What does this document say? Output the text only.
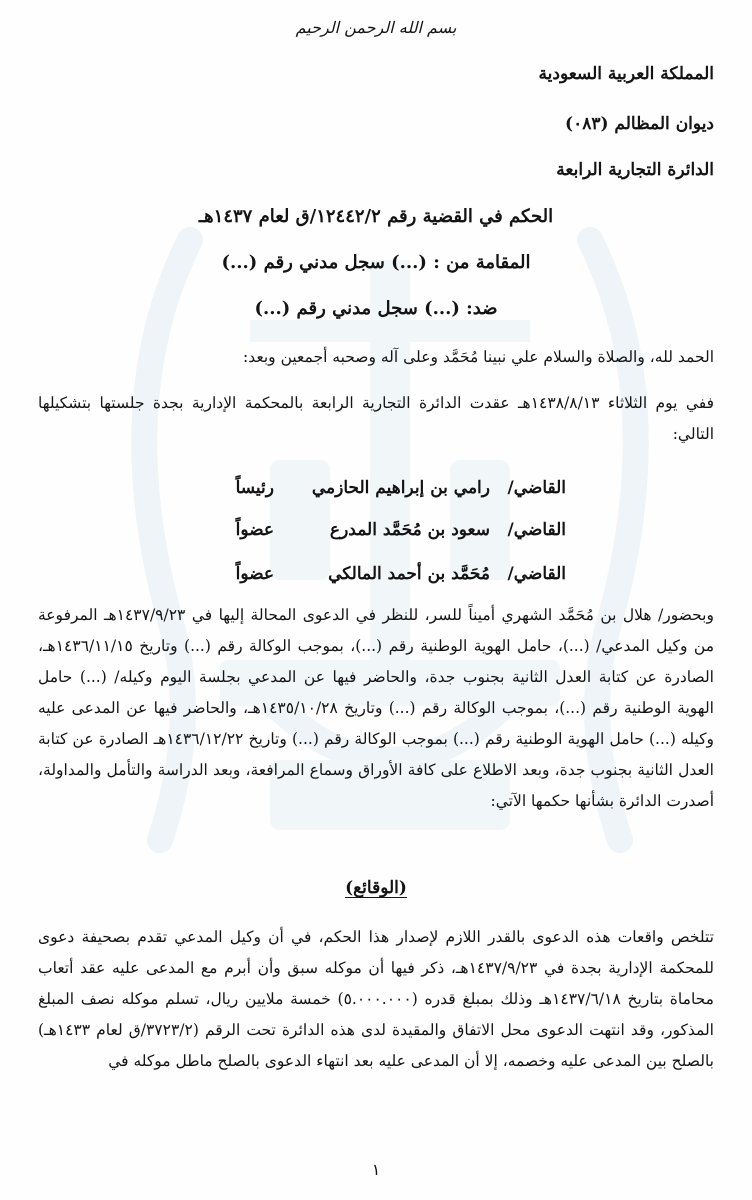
بسم الله الرحمن الرحيم
المملكة العربية السعودية
ديوان المظالم (٠٨٣)
الدائرة التجارية الرابعة
الحكم في القضية رقم ١٢٤٤٢/٢/ق لعام ١٤٣٧هـ
المقامة من : (...) سجل مدني رقم (...)
ضد: (...) سجل مدني رقم (...)
الحمد لله، والصلاة والسلام علي نبينا مُحَمَّد وعلى آله وصحبه أجمعين وبعد:
ففي يوم الثلاثاء ١٤٣٨/٨/١٣هـ عقدت الدائرة التجارية الرابعة بالمحكمة الإدارية بجدة جلستها بتشكيلها التالي:
القاضي/
رامي بن إبراهيم الحازمي
رئيساً
القاضي/
سعود بن مُحَمَّد المدرع
عضواً
القاضي/
مُحَمَّد بن أحمد المالكي
عضواً
وبحضور/ هلال بن مُحَمَّد الشهري أميناً للسر، للنظر في الدعوى المحالة إليها في ١٤٣٧/٩/٢٣هـ المرفوعة من وكيل المدعي/ (...)، حامل الهوية الوطنية رقم (...)، بموجب الوكالة رقم (...) وتاريخ ١٤٣٦/١١/١٥هـ، الصادرة عن كتابة العدل الثانية بجنوب جدة، والحاضر فيها عن المدعي بجلسة اليوم وكيله/ (...) حامل الهوية الوطنية رقم (...)، بموجب الوكالة رقم (...) وتاريخ ١٤٣٥/١٠/٢٨هـ، والحاضر فيها عن المدعى عليه وكيله (...) حامل الهوية الوطنية رقم (...) بموجب الوكالة رقم (...) وتاريخ ١٤٣٦/١٢/٢٢هـ الصادرة عن كتابة العدل الثانية بجنوب جدة، وبعد الاطلاع على كافة الأوراق وسماع المرافعة، وبعد الدراسة والتأمل والمداولة، أصدرت الدائرة بشأنها حكمها الآتي:
(الوقائع)
تتلخص واقعات هذه الدعوى بالقدر اللازم لإصدار هذا الحكم، في أن وكيل المدعي تقدم بصحيفة دعوى للمحكمة الإدارية بجدة في ١٤٣٧/٩/٢٣هـ، ذكر فيها أن موكله سبق وأن أبرم مع المدعى عليه عقد أتعاب محاماة بتاريخ ١٤٣٧/٦/١٨هـ وذلك بمبلغ قدره (٥.٠٠٠.٠٠٠) خمسة ملايين ريال، تسلم موكله نصف المبلغ المذكور، وقد انتهت الدعوى محل الاتفاق والمقيدة لدى هذه الدائرة تحت الرقم (٣٧٢٣/٢/ق لعام ١٤٣٣هـ) بالصلح بين المدعى عليه وخصمه، إلا أن المدعى عليه بعد انتهاء الدعوى بالصلح ماطل موكله في
١
